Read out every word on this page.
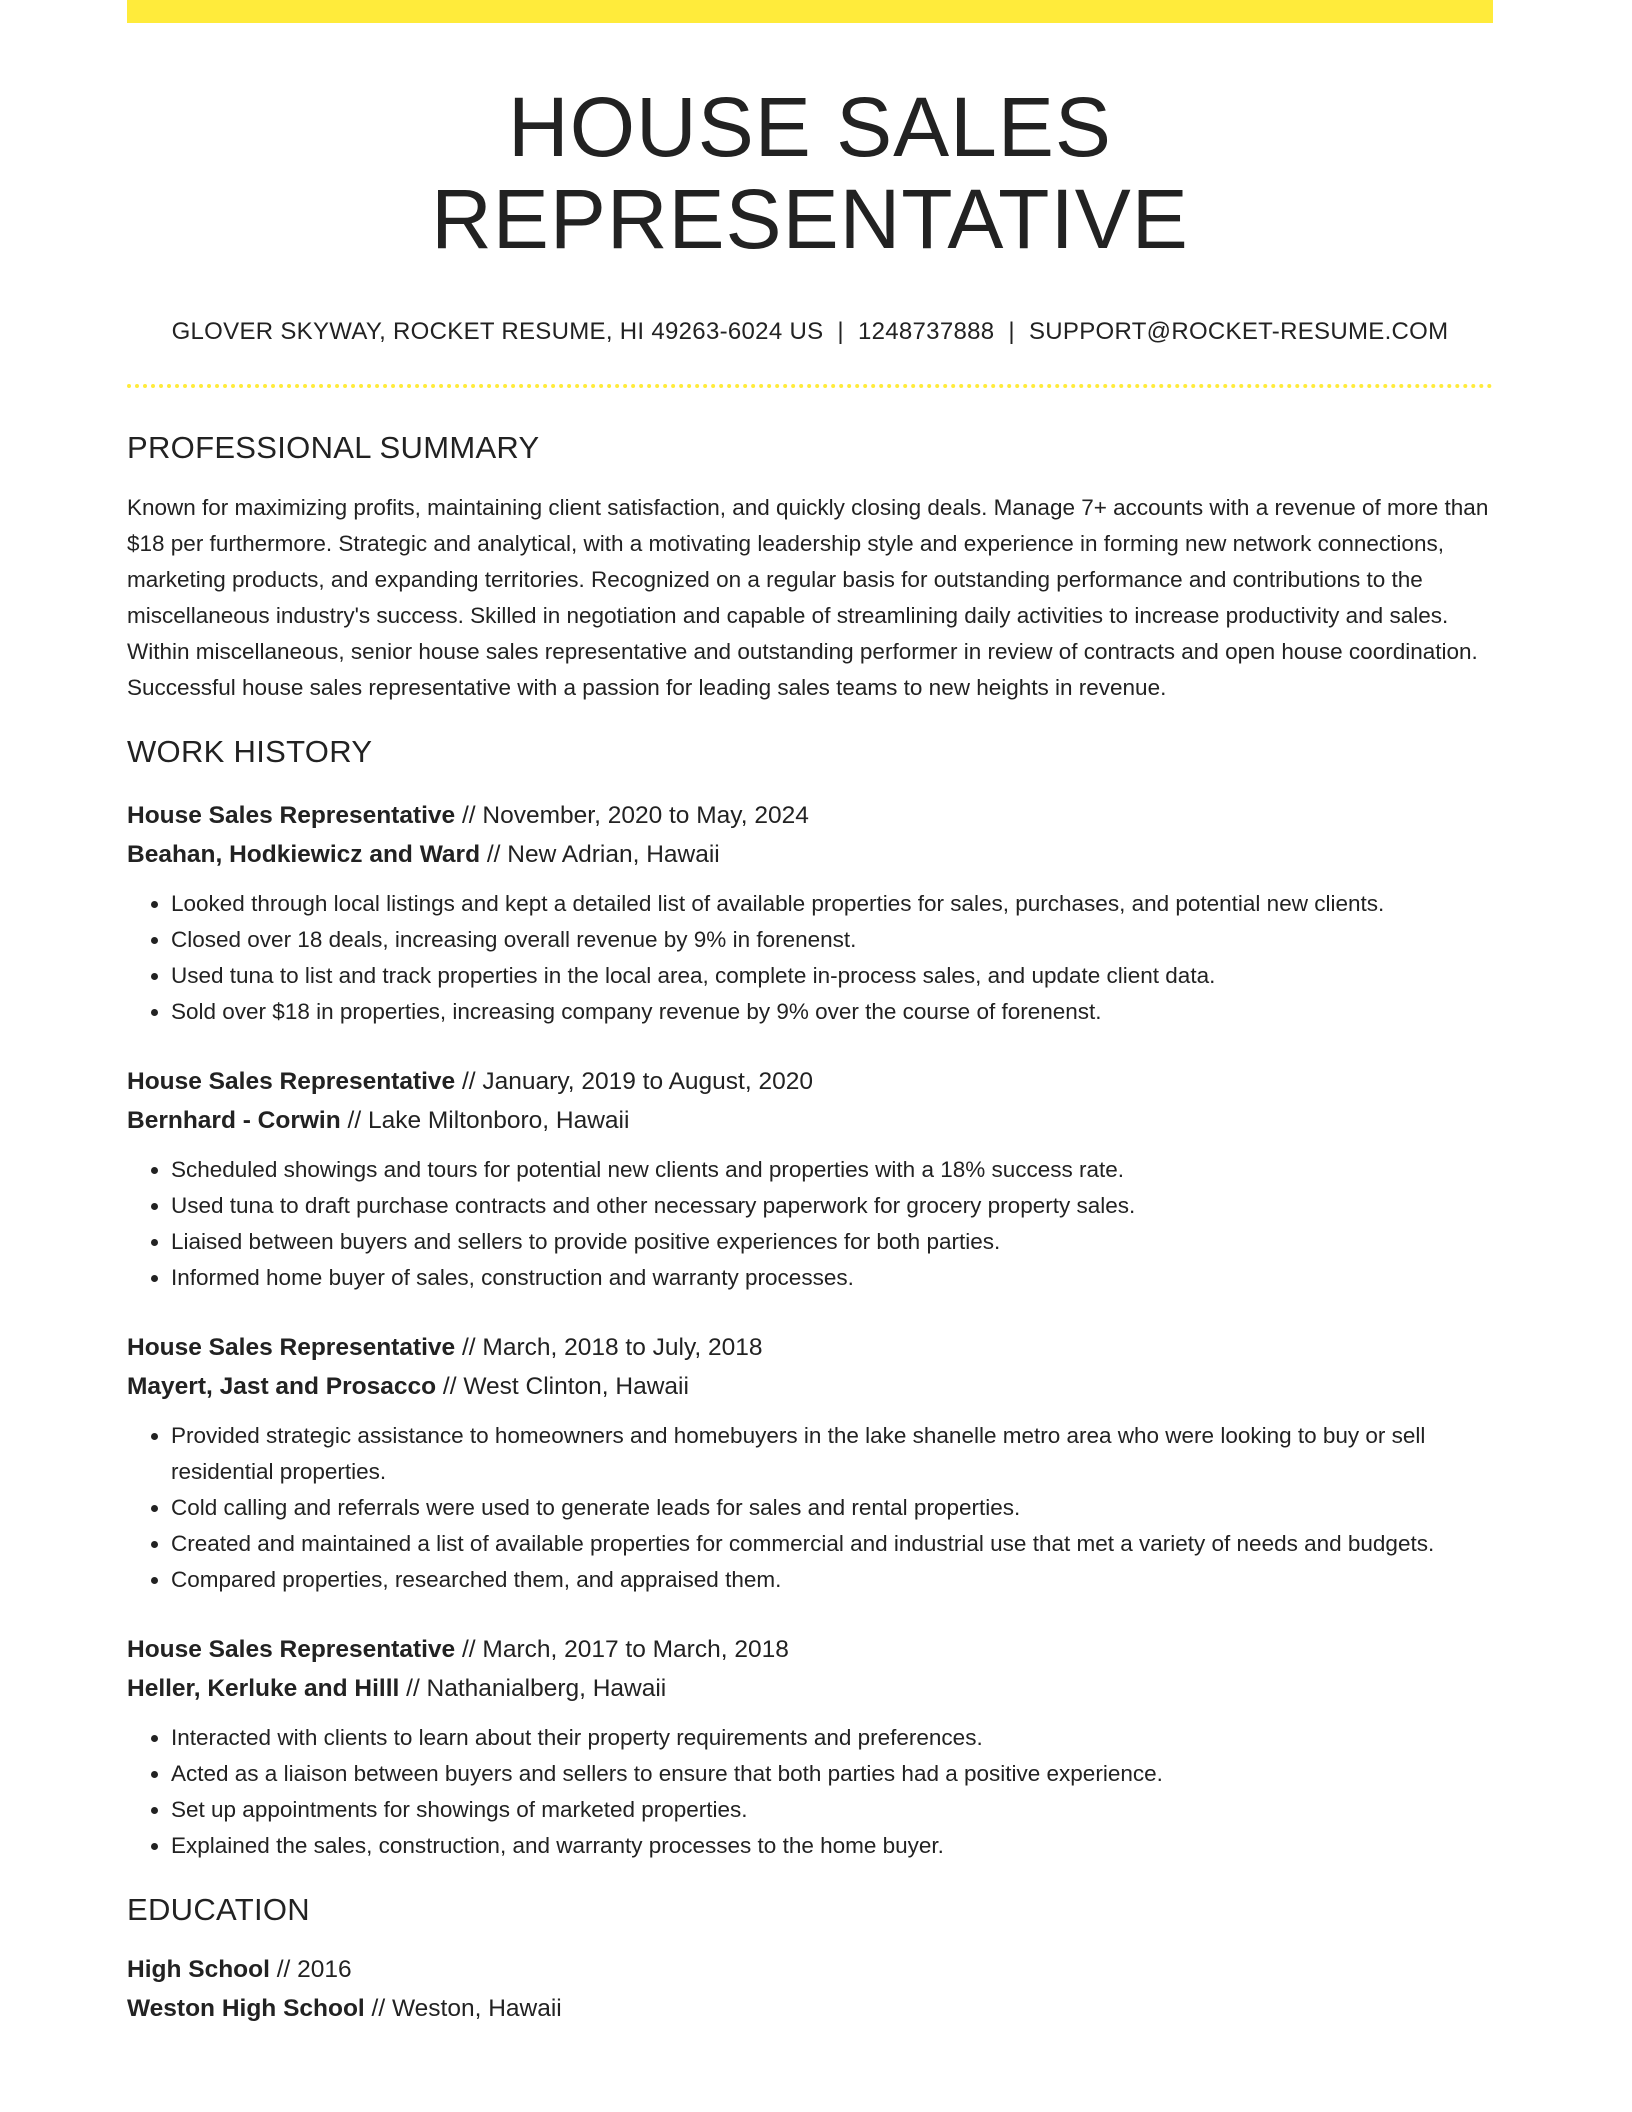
HOUSE SALES REPRESENTATIVE
GLOVER SKYWAY, ROCKET RESUME, HI 49263-6024 US | 1248737888 | SUPPORT@ROCKET-RESUME.COM
PROFESSIONAL SUMMARY
Known for maximizing profits, maintaining client satisfaction, and quickly closing deals. Manage 7+ accounts with a revenue of more than $18 per furthermore. Strategic and analytical, with a motivating leadership style and experience in forming new network connections, marketing products, and expanding territories. Recognized on a regular basis for outstanding performance and contributions to the miscellaneous industry's success. Skilled in negotiation and capable of streamlining daily activities to increase productivity and sales. Within miscellaneous, senior house sales representative and outstanding performer in review of contracts and open house coordination. Successful house sales representative with a passion for leading sales teams to new heights in revenue.
WORK HISTORY
House Sales Representative // November, 2020 to May, 2024
Beahan, Hodkiewicz and Ward // New Adrian, Hawaii
• Looked through local listings and kept a detailed list of available properties for sales, purchases, and potential new clients.
• Closed over 18 deals, increasing overall revenue by 9% in forenenst.
• Used tuna to list and track properties in the local area, complete in-process sales, and update client data.
• Sold over $18 in properties, increasing company revenue by 9% over the course of forenenst.
House Sales Representative // January, 2019 to August, 2020
Bernhard - Corwin // Lake Miltonboro, Hawaii
• Scheduled showings and tours for potential new clients and properties with a 18% success rate.
• Used tuna to draft purchase contracts and other necessary paperwork for grocery property sales.
• Liaised between buyers and sellers to provide positive experiences for both parties.
• Informed home buyer of sales, construction and warranty processes.
House Sales Representative // March, 2018 to July, 2018
Mayert, Jast and Prosacco // West Clinton, Hawaii
• Provided strategic assistance to homeowners and homebuyers in the lake shanelle metro area who were looking to buy or sell residential properties.
• Cold calling and referrals were used to generate leads for sales and rental properties.
• Created and maintained a list of available properties for commercial and industrial use that met a variety of needs and budgets.
• Compared properties, researched them, and appraised them.
House Sales Representative // March, 2017 to March, 2018
Heller, Kerluke and Hilll // Nathanialberg, Hawaii
• Interacted with clients to learn about their property requirements and preferences.
• Acted as a liaison between buyers and sellers to ensure that both parties had a positive experience.
• Set up appointments for showings of marketed properties.
• Explained the sales, construction, and warranty processes to the home buyer.
EDUCATION
High School // 2016
Weston High School // Weston, Hawaii
